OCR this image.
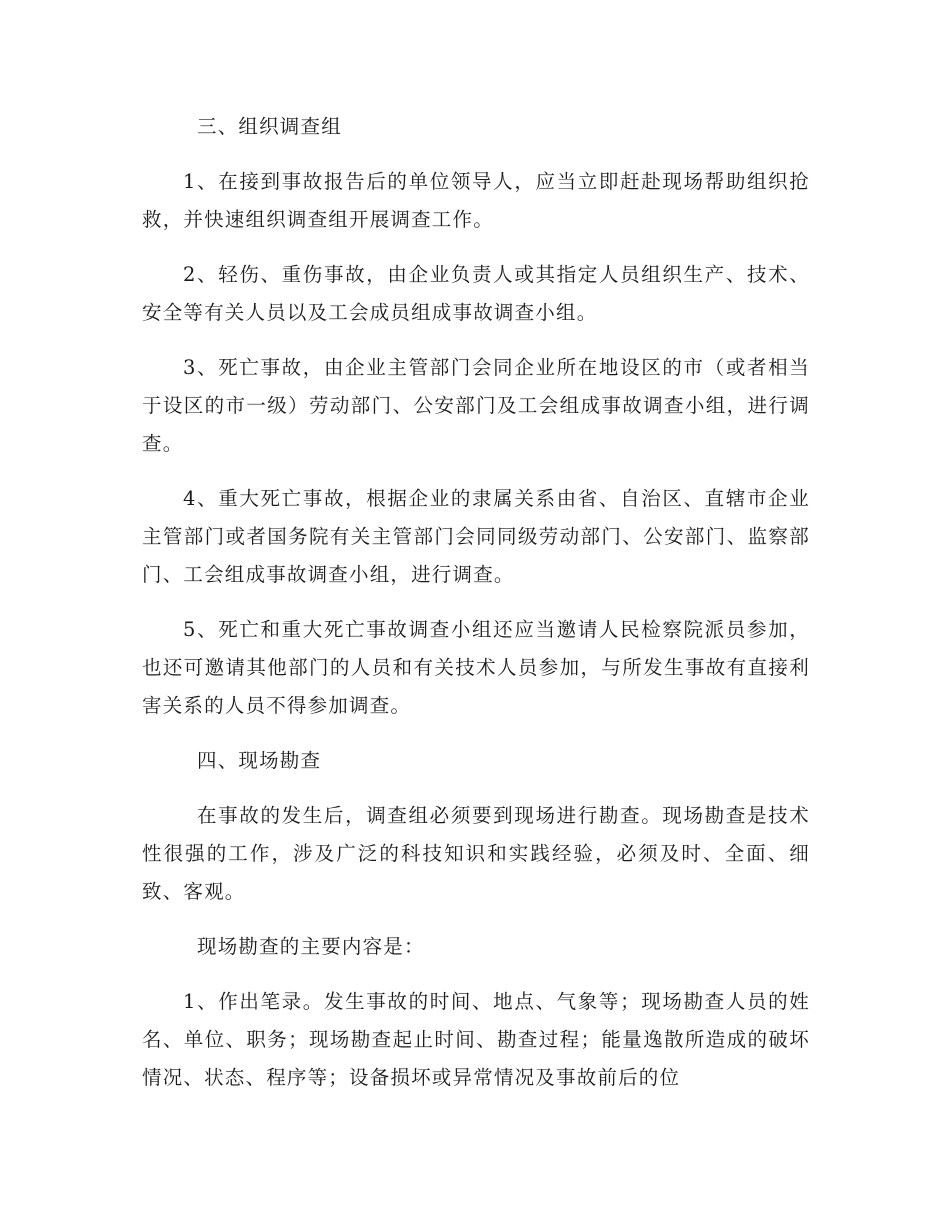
三、组织调查组

1、在接到事故报告后的单位领导人，应当立即赶赴现场帮助组织抢救，并快速组织调查组开展调查工作。

2、轻伤、重伤事故，由企业负责人或其指定人员组织生产、技术、安全等有关人员以及工会成员组成事故调查小组。

3、死亡事故，由企业主管部门会同企业所在地设区的市（或者相当于设区的市一级）劳动部门、公安部门及工会组成事故调查小组，进行调查。

4、重大死亡事故，根据企业的隶属关系由省、自治区、直辖市企业主管部门或者国务院有关主管部门会同同级劳动部门、公安部门、监察部门、工会组成事故调查小组，进行调查。

5、死亡和重大死亡事故调查小组还应当邀请人民检察院派员参加，也还可邀请其他部门的人员和有关技术人员参加，与所发生事故有直接利害关系的人员不得参加调查。

四、现场勘查

在事故的发生后，调查组必须要到现场进行勘查。现场勘查是技术性很强的工作，涉及广泛的科技知识和实践经验，必须及时、全面、细致、客观。

现场勘查的主要内容是：

1、作出笔录。发生事故的时间、地点、气象等；现场勘查人员的姓名、单位、职务；现场勘查起止时间、勘查过程；能量逸散所造成的破坏情况、状态、程序等；设备损坏或异常情况及事故前后的位
